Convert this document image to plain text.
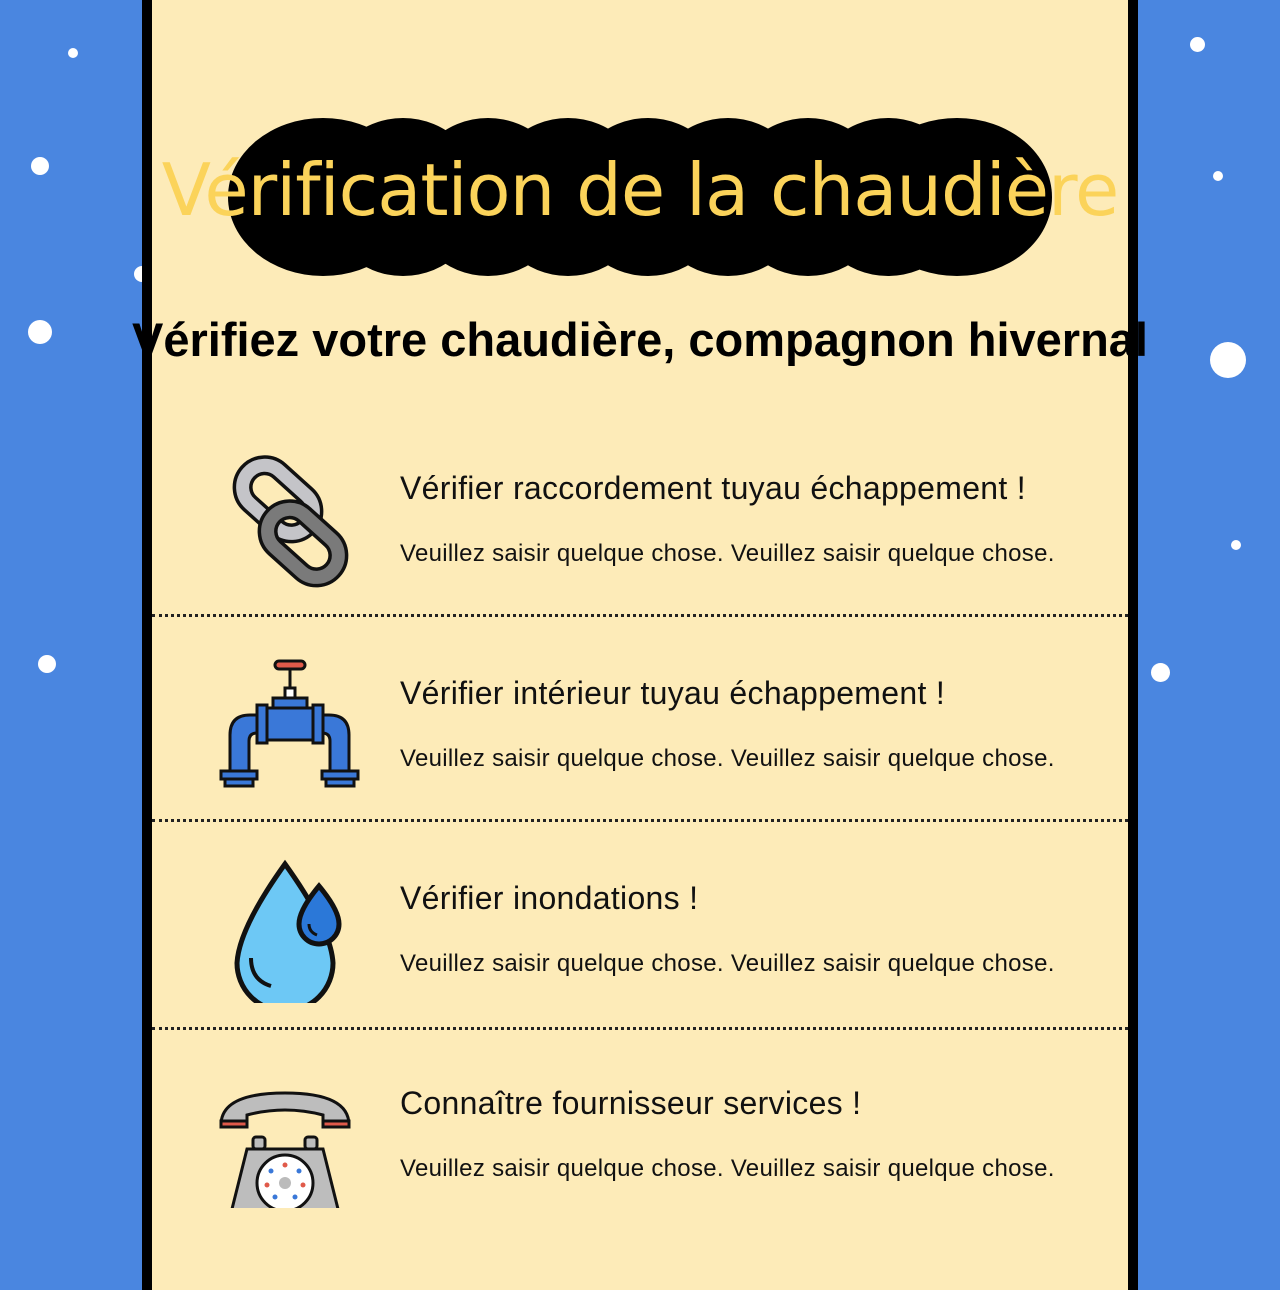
Vérification de la chaudière
Vérifiez votre chaudière, compagnon hivernal
Vérifier raccordement tuyau échappement !
Veuillez saisir quelque chose. Veuillez saisir quelque chose.
Vérifier intérieur tuyau échappement !
Veuillez saisir quelque chose. Veuillez saisir quelque chose.
Vérifier inondations !
Veuillez saisir quelque chose. Veuillez saisir quelque chose.
Connaître fournisseur services !
Veuillez saisir quelque chose. Veuillez saisir quelque chose.
